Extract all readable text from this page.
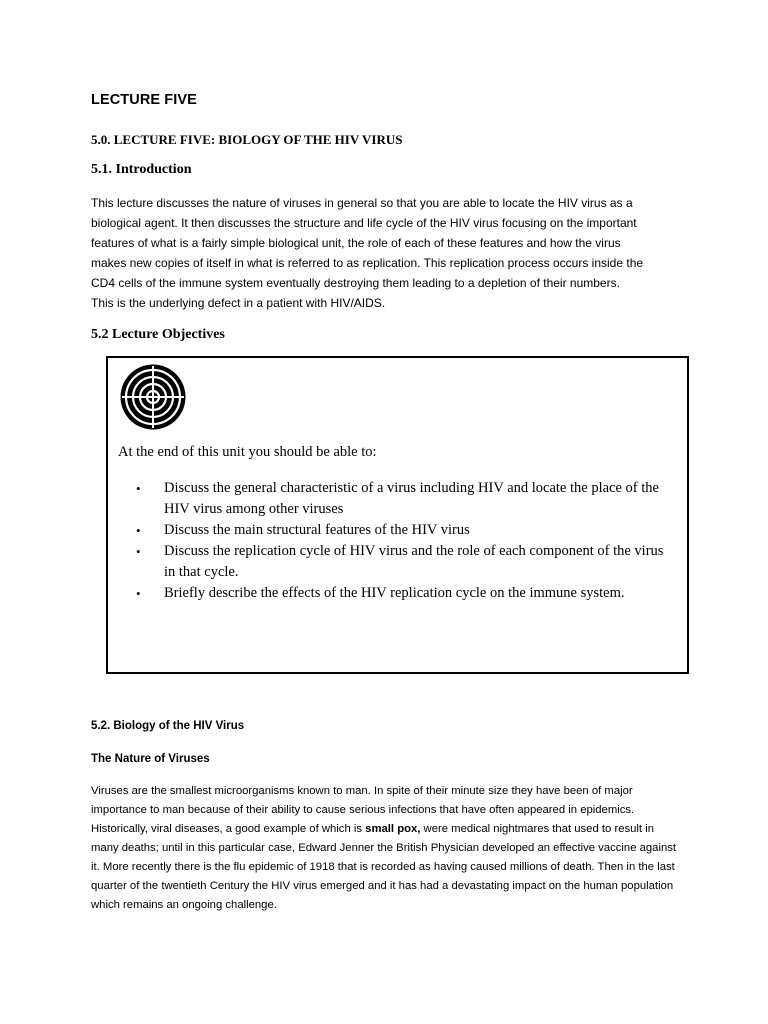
LECTURE FIVE
5.0. LECTURE FIVE: BIOLOGY OF THE HIV VIRUS
5.1. Introduction

This lecture discusses the nature of viruses in general so that you are able to locate the HIV virus as a
biological agent. It then discusses the structure and life cycle of the HIV virus focusing on the important
features of what is a fairly simple biological unit, the role of each of these features and how the virus
makes new copies of itself in what is referred to as replication. This replication process occurs inside the
CD4 cells of the immune system eventually destroying them leading to a depletion of their numbers.
This is the underlying defect in a patient with HIV/AIDS.

5.2 Lecture Objectives

At the end of this unit you should be able to:

• Discuss the general characteristic of a virus including HIV and locate the place of the
HIV virus among other viruses
• Discuss the main structural features of the HIV virus
• Discuss the replication cycle of HIV virus and the role of each component of the virus
in that cycle.
• Briefly describe the effects of the HIV replication cycle on the immune system.
5.2. Biology of the HIV Virus
The Nature of Viruses

Viruses are the smallest microorganisms known to man. In spite of their minute size they have been of major
importance to man because of their ability to cause serious infections that have often appeared in epidemics.
Historically, viral diseases, a good example of which is small pox, were medical nightmares that used to result in
many deaths; until in this particular case, Edward Jenner the British Physician developed an effective vaccine against
it. More recently there is the flu epidemic of 1918 that is recorded as having caused millions of death. Then in the last
quarter of the twentieth Century the HIV virus emerged and it has had a devastating impact on the human population
which remains an ongoing challenge.
